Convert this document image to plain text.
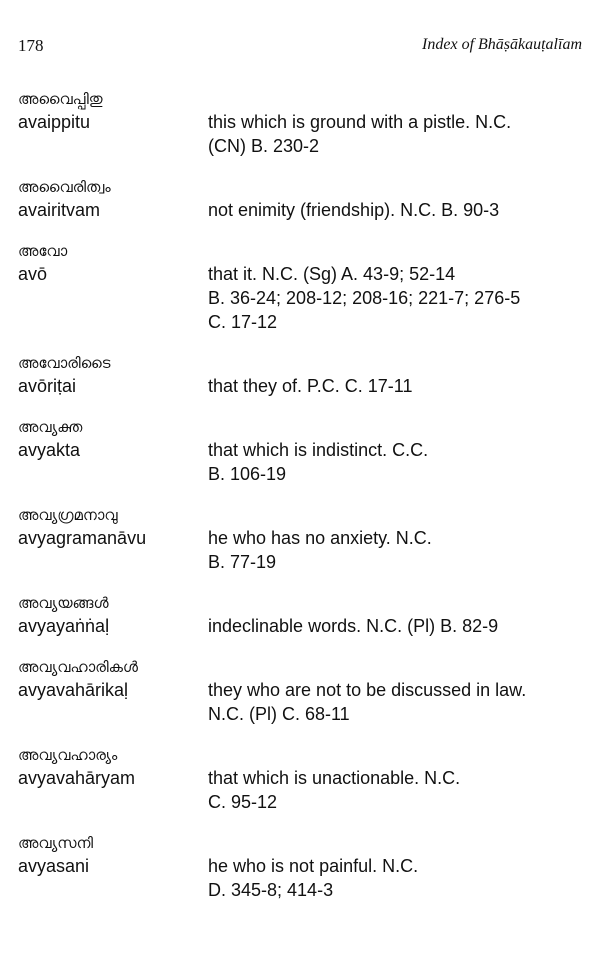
178	Index of Bhāṣākauṭalīam
അവൈപ്പിതു
avaippitu	this which is ground with a pistle. N.C.
(CN) B. 230-2
അവൈരിത്വം
avairitvam	not enimity (friendship). N.C. B. 90-3
അവോ
avō	that it. N.C. (Sg) A. 43-9; 52-14
B. 36-24; 208-12; 208-16; 221-7; 276-5
C. 17-12
അവോരിടൈ
avōriṭai	that they of. P.C. C. 17-11
അവ്യക്ത
avyakta	that which is indistinct. C.C.
B. 106-19
അവ്യഗ്രമനാവു
avyagramanāvu	he who has no anxiety. N.C.
B. 77-19
അവ്യയങ്ങൾ
avyayaṅṅaḷ	indeclinable words. N.C. (Pl) B. 82-9
അവ്യവഹാരികൾ
avyavahārikaḷ	they who are not to be discussed in law.
N.C. (Pl) C. 68-11
അവ്യവഹാര്യം
avyavahāryam	that which is unactionable. N.C.
C. 95-12
അവ്യസനി
avyasani	he who is not painful. N.C.
D. 345-8; 414-3
